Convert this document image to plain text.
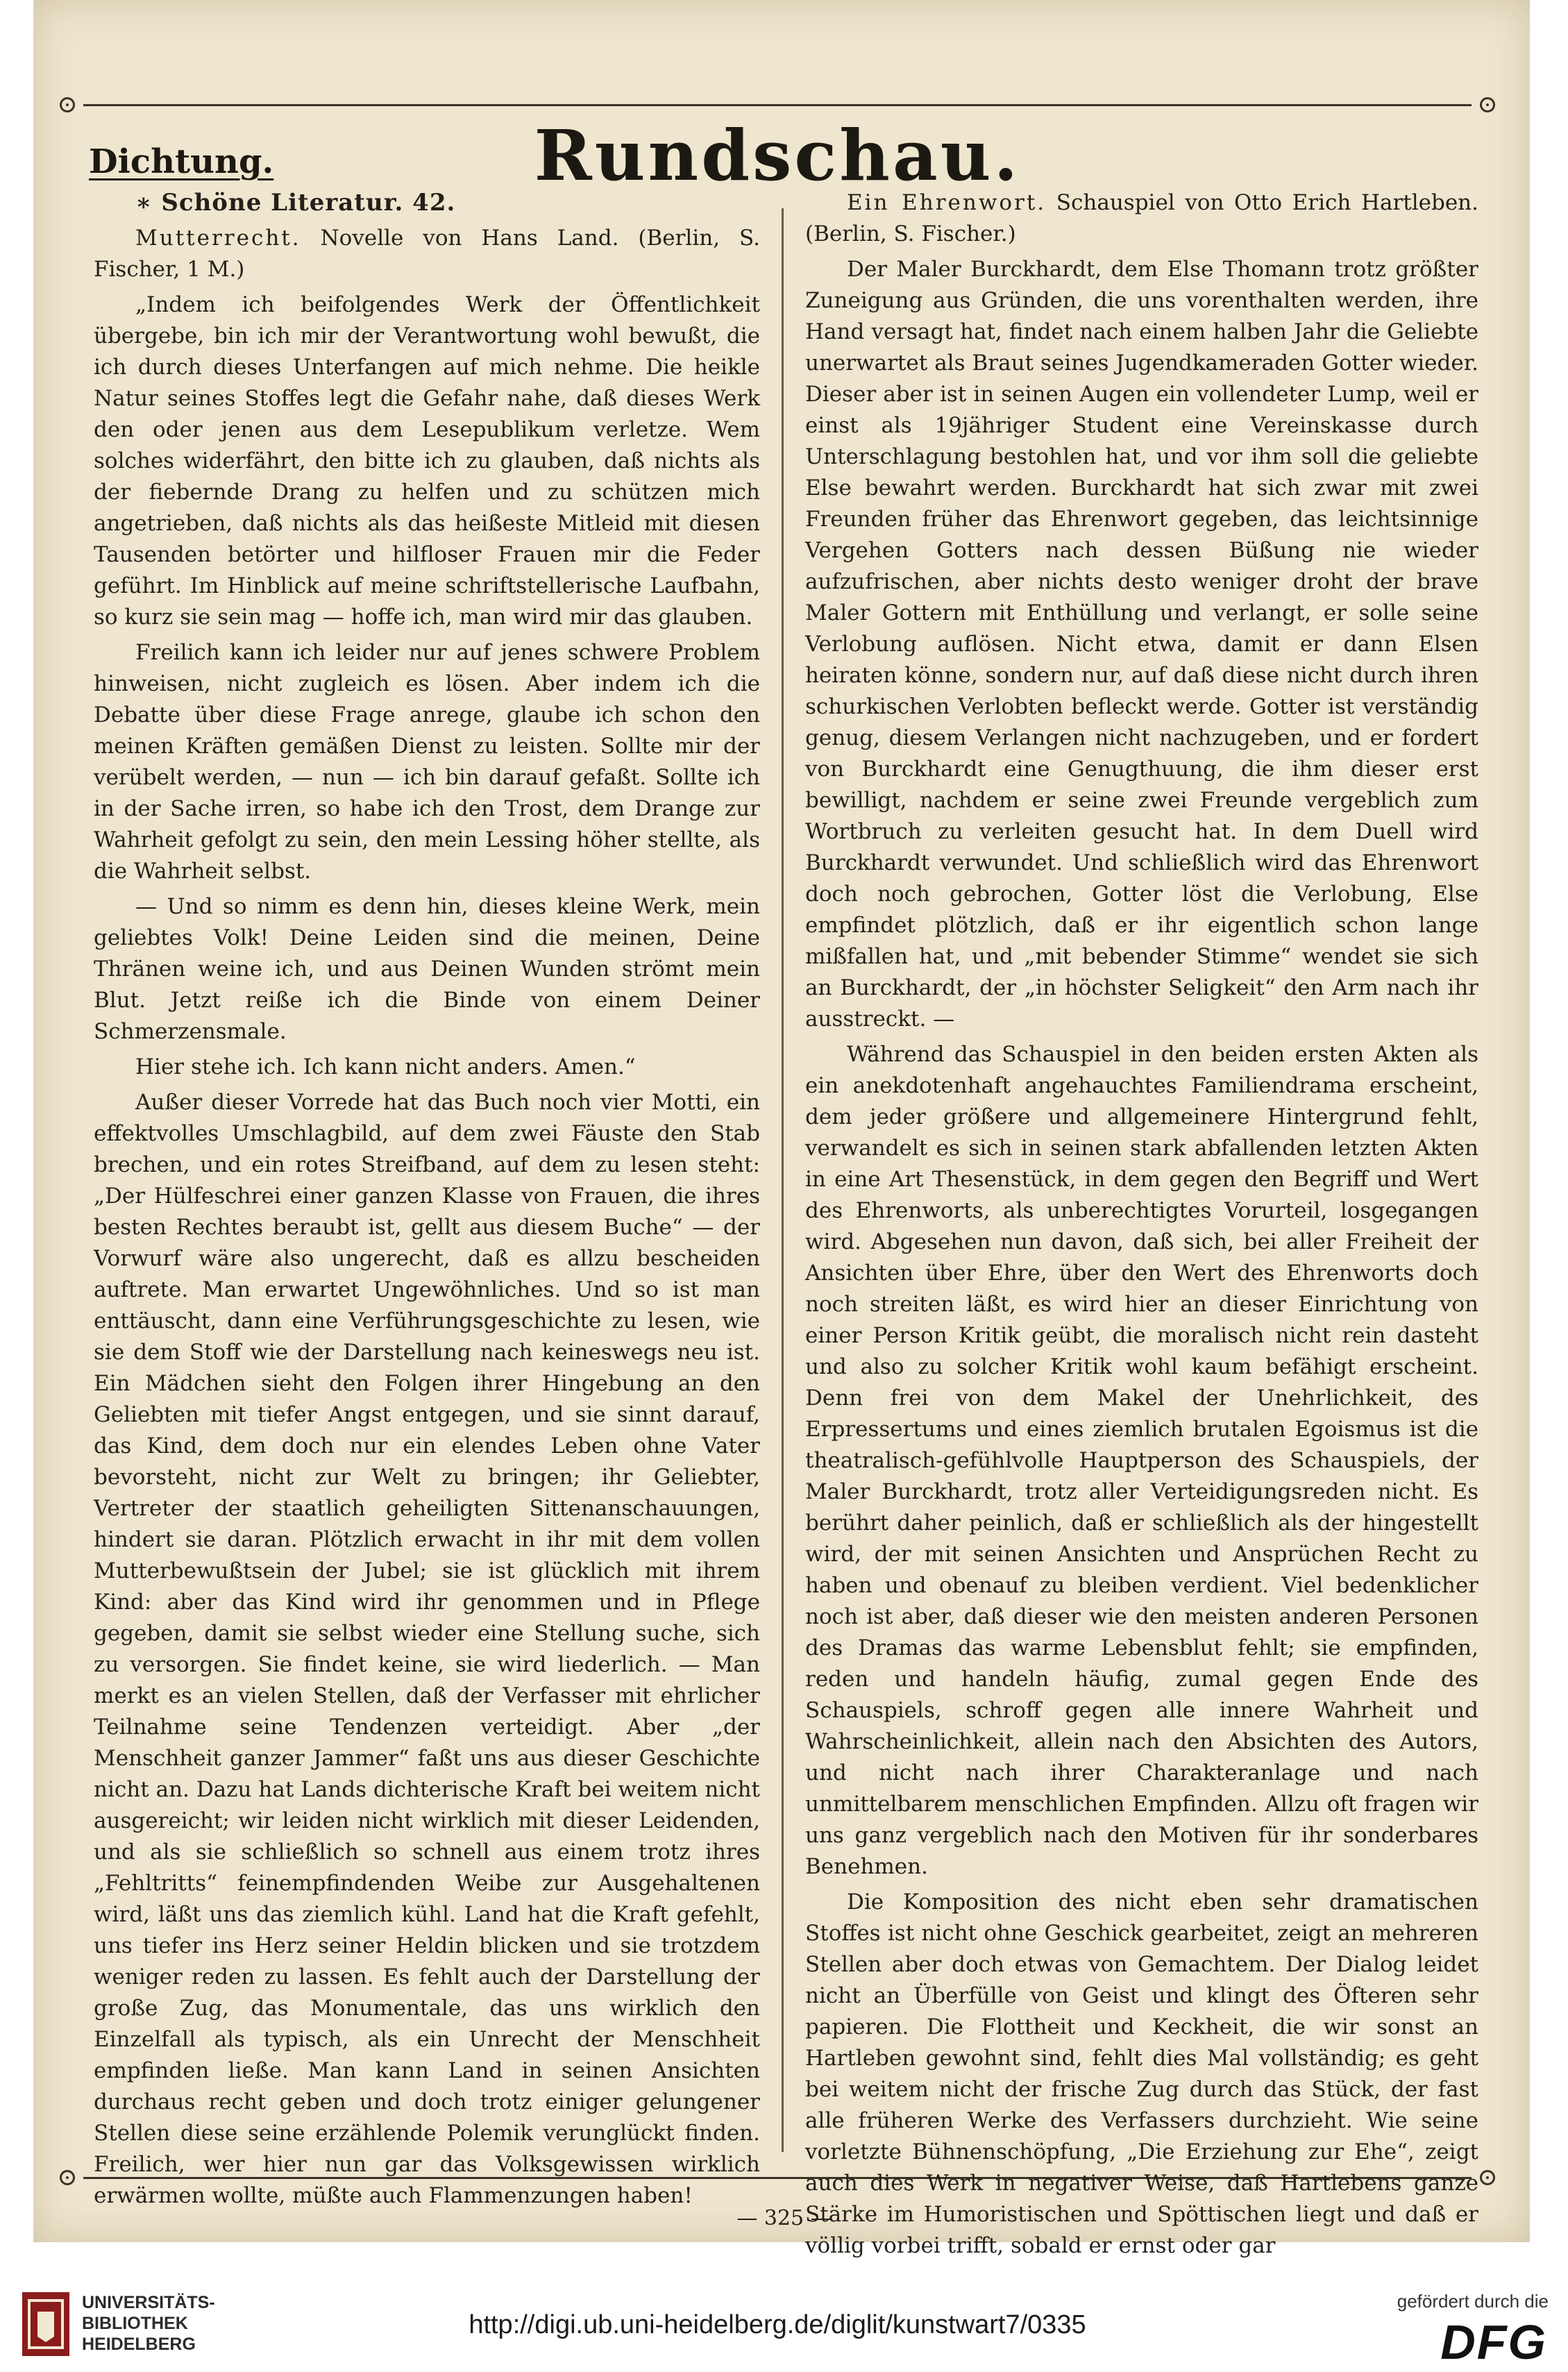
Rundschau.
Dichtung.
∗ Schöne Literatur. 42.

Mutterrecht. Novelle von Hans Land. (Berlin, S. Fischer, 1 M.)

„Indem ich beifolgendes Werk der Öffentlichkeit übergebe, bin ich mir der Verantwortung wohl bewußt, die ich durch dieses Unterfangen auf mich nehme. Die heikle Natur seines Stoffes legt die Gefahr nahe, daß dieses Werk den oder jenen aus dem Lesepublikum verletze. Wem solches widerfährt, den bitte ich zu glauben, daß nichts als der fiebernde Drang zu helfen und zu schützen mich angetrieben, daß nichts als das heißeste Mitleid mit diesen Tausenden betörter und hilfloser Frauen mir die Feder geführt. Im Hinblick auf meine schriftstellerische Laufbahn, so kurz sie sein mag — hoffe ich, man wird mir das glauben.

Freilich kann ich leider nur auf jenes schwere Problem hinweisen, nicht zugleich es lösen. Aber indem ich die Debatte über diese Frage anrege, glaube ich schon den meinen Kräften gemäßen Dienst zu leisten. Sollte mir der verübelt werden, — nun — ich bin darauf gefaßt. Sollte ich in der Sache irren, so habe ich den Trost, dem Drange zur Wahrheit gefolgt zu sein, den mein Lessing höher stellte, als die Wahrheit selbst.

— Und so nimm es denn hin, dieses kleine Werk, mein geliebtes Volk! Deine Leiden sind die meinen, Deine Thränen weine ich, und aus Deinen Wunden strömt mein Blut. Jetzt reiße ich die Binde von einem Deiner Schmerzensmale.

Hier stehe ich. Ich kann nicht anders. Amen.“

Außer dieser Vorrede hat das Buch noch vier Motti, ein effektvolles Umschlagbild, auf dem zwei Fäuste den Stab brechen, und ein rotes Streifband, auf dem zu lesen steht: „Der Hülfeschrei einer ganzen Klasse von Frauen, die ihres besten Rechtes beraubt ist, gellt aus diesem Buche“ — der Vorwurf wäre also ungerecht, daß es allzu bescheiden auftrete. Man erwartet Ungewöhnliches. Und so ist man enttäuscht, dann eine Verführungsgeschichte zu lesen, wie sie dem Stoff wie der Darstellung nach keineswegs neu ist. Ein Mädchen sieht den Folgen ihrer Hingebung an den Geliebten mit tiefer Angst entgegen, und sie sinnt darauf, das Kind, dem doch nur ein elendes Leben ohne Vater bevorsteht, nicht zur Welt zu bringen; ihr Geliebter, Vertreter der staatlich geheiligten Sittenanschauungen, hindert sie daran. Plötzlich erwacht in ihr mit dem vollen Mutterbewußtsein der Jubel; sie ist glücklich mit ihrem Kind: aber das Kind wird ihr genommen und in Pflege gegeben, damit sie selbst wieder eine Stellung suche, sich zu versorgen. Sie findet keine, sie wird liederlich. — Man merkt es an vielen Stellen, daß der Verfasser mit ehrlicher Teilnahme seine Tendenzen verteidigt. Aber „der Menschheit ganzer Jammer“ faßt uns aus dieser Geschichte nicht an. Dazu hat Lands dichterische Kraft bei weitem nicht ausgereicht; wir leiden nicht wirklich mit dieser Leidenden, und als sie schließlich so schnell aus einem trotz ihres „Fehltritts“ feinempfindenden Weibe zur Ausgehaltenen wird, läßt uns das ziemlich kühl. Land hat die Kraft gefehlt, uns tiefer ins Herz seiner Heldin blicken und sie trotzdem weniger reden zu lassen. Es fehlt auch der Darstellung der große Zug, das Monumentale, das uns wirklich den Einzelfall als typisch, als ein Unrecht der Menschheit empfinden ließe. Man kann Land in seinen Ansichten durchaus recht geben und doch trotz einiger gelungener Stellen diese seine erzählende Polemik verunglückt finden. Freilich, wer hier nun gar das Volksgewissen wirklich erwärmen wollte, müßte auch Flammenzungen haben!

Ein Ehrenwort. Schauspiel von Otto Erich Hartleben. (Berlin, S. Fischer.)

Der Maler Burckhardt, dem Else Thomann trotz größter Zuneigung aus Gründen, die uns vorenthalten werden, ihre Hand versagt hat, findet nach einem halben Jahr die Geliebte unerwartet als Braut seines Jugendkameraden Gotter wieder. Dieser aber ist in seinen Augen ein vollendeter Lump, weil er einst als 19jähriger Student eine Vereinskasse durch Unterschlagung bestohlen hat, und vor ihm soll die geliebte Else bewahrt werden. Burckhardt hat sich zwar mit zwei Freunden früher das Ehrenwort gegeben, das leichtsinnige Vergehen Gotters nach dessen Büßung nie wieder aufzufrischen, aber nichts desto weniger droht der brave Maler Gottern mit Enthüllung und verlangt, er solle seine Verlobung auflösen. Nicht etwa, damit er dann Elsen heiraten könne, sondern nur, auf daß diese nicht durch ihren schurkischen Verlobten befleckt werde. Gotter ist verständig genug, diesem Verlangen nicht nachzugeben, und er fordert von Burckhardt eine Genugthuung, die ihm dieser erst bewilligt, nachdem er seine zwei Freunde vergeblich zum Wortbruch zu verleiten gesucht hat. In dem Duell wird Burckhardt verwundet. Und schließlich wird das Ehrenwort doch noch gebrochen, Gotter löst die Verlobung, Else empfindet plötzlich, daß er ihr eigentlich schon lange mißfallen hat, und „mit bebender Stimme“ wendet sie sich an Burckhardt, der „in höchster Seligkeit“ den Arm nach ihr ausstreckt. —

Während das Schauspiel in den beiden ersten Akten als ein anekdotenhaft angehauchtes Familiendrama erscheint, dem jeder größere und allgemeinere Hintergrund fehlt, verwandelt es sich in seinen stark abfallenden letzten Akten in eine Art Thesenstück, in dem gegen den Begriff und Wert des Ehrenworts, als unberechtigtes Vorurteil, losgegangen wird. Abgesehen nun davon, daß sich, bei aller Freiheit der Ansichten über Ehre, über den Wert des Ehrenworts doch noch streiten läßt, es wird hier an dieser Einrichtung von einer Person Kritik geübt, die moralisch nicht rein dasteht und also zu solcher Kritik wohl kaum befähigt erscheint. Denn frei von dem Makel der Unehrlichkeit, des Erpressertums und eines ziemlich brutalen Egoismus ist die theatralisch-gefühlvolle Hauptperson des Schauspiels, der Maler Burckhardt, trotz aller Verteidigungsreden nicht. Es berührt daher peinlich, daß er schließlich als der hingestellt wird, der mit seinen Ansichten und Ansprüchen Recht zu haben und obenauf zu bleiben verdient. Viel bedenklicher noch ist aber, daß dieser wie den meisten anderen Personen des Dramas das warme Lebensblut fehlt; sie empfinden, reden und handeln häufig, zumal gegen Ende des Schauspiels, schroff gegen alle innere Wahrheit und Wahrscheinlichkeit, allein nach den Absichten des Autors, und nicht nach ihrer Charakteranlage und nach unmittelbarem menschlichen Empfinden. Allzu oft fragen wir uns ganz vergeblich nach den Motiven für ihr sonderbares Benehmen.

Die Komposition des nicht eben sehr dramatischen Stoffes ist nicht ohne Geschick gearbeitet, zeigt an mehreren Stellen aber doch etwas von Gemachtem. Der Dialog leidet nicht an Überfülle von Geist und klingt des Öfteren sehr papieren. Die Flottheit und Keckheit, die wir sonst an Hartleben gewohnt sind, fehlt dies Mal vollständig; es geht bei weitem nicht der frische Zug durch das Stück, der fast alle früheren Werke des Verfassers durchzieht. Wie seine vorletzte Bühnenschöpfung, „Die Erziehung zur Ehe“, zeigt auch dies Werk in negativer Weise, daß Hartlebens ganze Stärke im Humoristischen und Spöttischen liegt und daß er völlig vorbei trifft, sobald er ernst oder gar

— 325 —
UNIVERSITÄTS-
BIBLIOTHEK
HEIDELBERG
http://digi.ub.uni-heidelberg.de/diglit/kunstwart7/0335
gefördert durch die
DFG
